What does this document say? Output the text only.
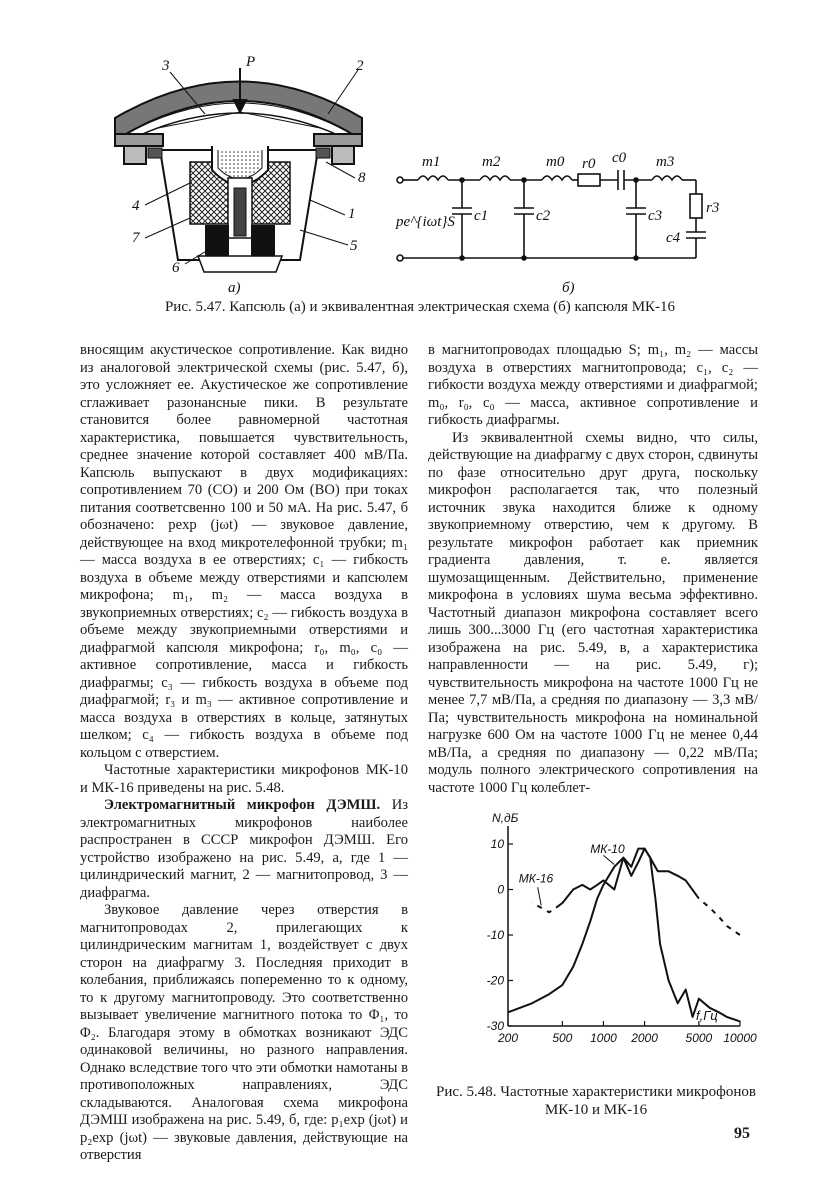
3	P	2
8
4	1
7	5
6
а)
pe^{iωt}S
m1	m2	m0 r0 c0 m3
c1	c2	c3	r3
c4
б)
Рис. 5.47. Капсюль (а) и эквивалентная электрическая схема (б) капсюля МК-16

вносящим акустическое сопротивление. Как видно из аналоговой электрической схемы (рис. 5.47, б), это усложняет ее. Акустическое же сопротивление сглаживает разонансные пики. В результате становится более равномерной частотная характеристика, повышается чувствительность, среднее значение которой составляет 400 мВ/Па. Капсюль выпускают в двух модификациях: сопротивлением 70 (СО) и 200 Ом (ВО) при токах питания соответсвенно 100 и 50 мА. На рис. 5.47, б обозначено: pexp (jωt) — звуковое давление, действующее на вход микротелефонной трубки; m₁ — масса воздуха в ее отверстиях; c₁ — гибкость воздуха в объеме между отверстиями и капсюлем микрофона; m₁, m₂ — масса воздуха в звукоприемных отверстиях; c₂ — гибкость воздуха в объеме между звукоприемными отверстиями и диафрагмой капсюля микрофона; r₀, m₀, c₀ — активное сопротивление, масса и гибкость диафрагмы; c₃ — гибкость воздуха в объеме под диафрагмой; r₃ и m₃ — активное сопротивление и масса воздуха в отверстиях в кольце, затянутых шелком; c₄ — гибкость воздуха в объеме под кольцом с отверстием.

Частотные характеристики микрофонов МК-10 и МК-16 приведены на рис. 5.48.

Электромагнитный микрофон ДЭМШ. Из электромагнитных микрофонов наиболее распространен в СССР микрофон ДЭМШ. Его устройство изображено на рис. 5.49, а, где 1 — цилиндрический магнит, 2 — магнитопровод, 3 — диафрагма.

Звуковое давление через отверстия в магнитопроводах 2, прилегающих к цилиндрическим магнитам 1, воздействует с двух сторон на диафрагму 3. Последняя приходит в колебания, приближаясь попеременно то к одному, то к другому магнитопроводу. Это соответственно вызывает увеличение магнитного потока то Φ₁, то Φ₂. Благодаря этому в обмотках возникают ЭДС одинаковой величины, но разного направления. Однако вследствие того что эти обмотки намотаны в противоположных направлениях, ЭДС складываются. Аналоговая схема микрофона ДЭМШ изображена на рис. 5.49, б, где: p₁exp (jωt) и p₂exp (jωt) — звуковые давления, действующие на отверстия

в магнитопроводах площадью S; m₁, m₂ — массы воздуха в отверстиях магнитопровода; c₁, c₂ — гибкости воздуха между отверстиями и диафрагмой; m₀, r₀, c₀ — масса, активное сопротивление и гибкость диафрагмы.

Из эквивалентной схемы видно, что силы, действующие на диафрагму с двух сторон, сдвинуты по фазе относительно друг друга, поскольку микрофон располагается так, что полезный источник звука находится ближе к одному звукоприемному отверстию, чем к другому. В результате микрофон работает как приемник градиента давления, т. е. является шумозащищенным. Действительно, применение микрофона в условиях шума весьма эффективно. Частотный диапазон микрофона составляет всего лишь 300...3000 Гц (его частотная характеристика изображена на рис. 5.49, в, а характеристика направленности — на рис. 5.49, г); чувствительность микрофона на частоте 1000 Гц не менее 7,7 мВ/Па, а средняя по диапазону — 3,3 мВ/Па; чувствительность микрофона на номинальной нагрузке 600 Ом на частоте 1000 Гц не менее 0,44 мВ/Па, а средняя по диапазону — 0,22 мВ/Па; модуль полного электрического сопротивления на частоте 1000 Гц колеблет-

10
0
-10
-20
-30
200	500 1000 2000 5000 10000
N,дБ
f,Гц
МК-10
МК-16
Рис. 5.48. Частотные характеристики микрофонов МК-10 и МК-16
95
